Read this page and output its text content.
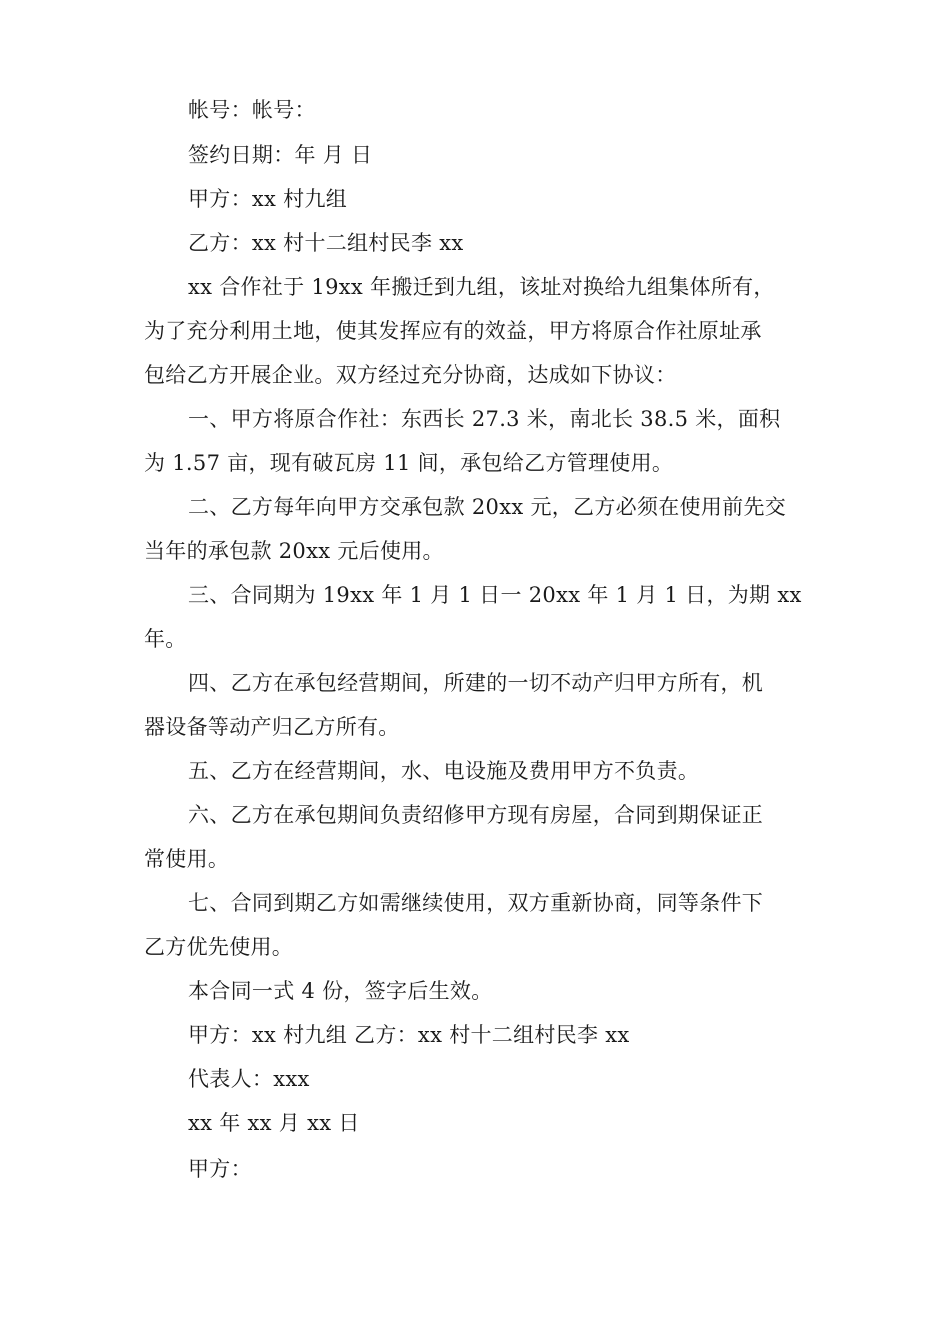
帐号：帐号：
签约日期：年 月 日
甲方：xx 村九组
乙方：xx 村十二组村民李 xx
xx 合作社于 19xx 年搬迁到九组，该址对换给九组集体所有，
为了充分利用土地，使其发挥应有的效益，甲方将原合作社原址承
包给乙方开展企业。双方经过充分协商，达成如下协议：
一、甲方将原合作社：东西长 27.3 米，南北长 38.5 米，面积
为 1.57 亩，现有破瓦房 11 间，承包给乙方管理使用。
二、乙方每年向甲方交承包款 20xx 元，乙方必须在使用前先交
当年的承包款 20xx 元后使用。
三、合同期为 19xx 年 1 月 1 日一 20xx 年 1 月 1 日，为期 xx
年。
四、乙方在承包经营期间，所建的一切不动产归甲方所有，机
器设备等动产归乙方所有。
五、乙方在经营期间，水、电设施及费用甲方不负责。
六、乙方在承包期间负责绍修甲方现有房屋，合同到期保证正
常使用。
七、合同到期乙方如需继续使用，双方重新协商，同等条件下
乙方优先使用。
本合同一式 4 份，签字后生效。
甲方：xx 村九组 乙方：xx 村十二组村民李 xx
代表人：xxx
xx 年 xx 月 xx 日
甲方：
